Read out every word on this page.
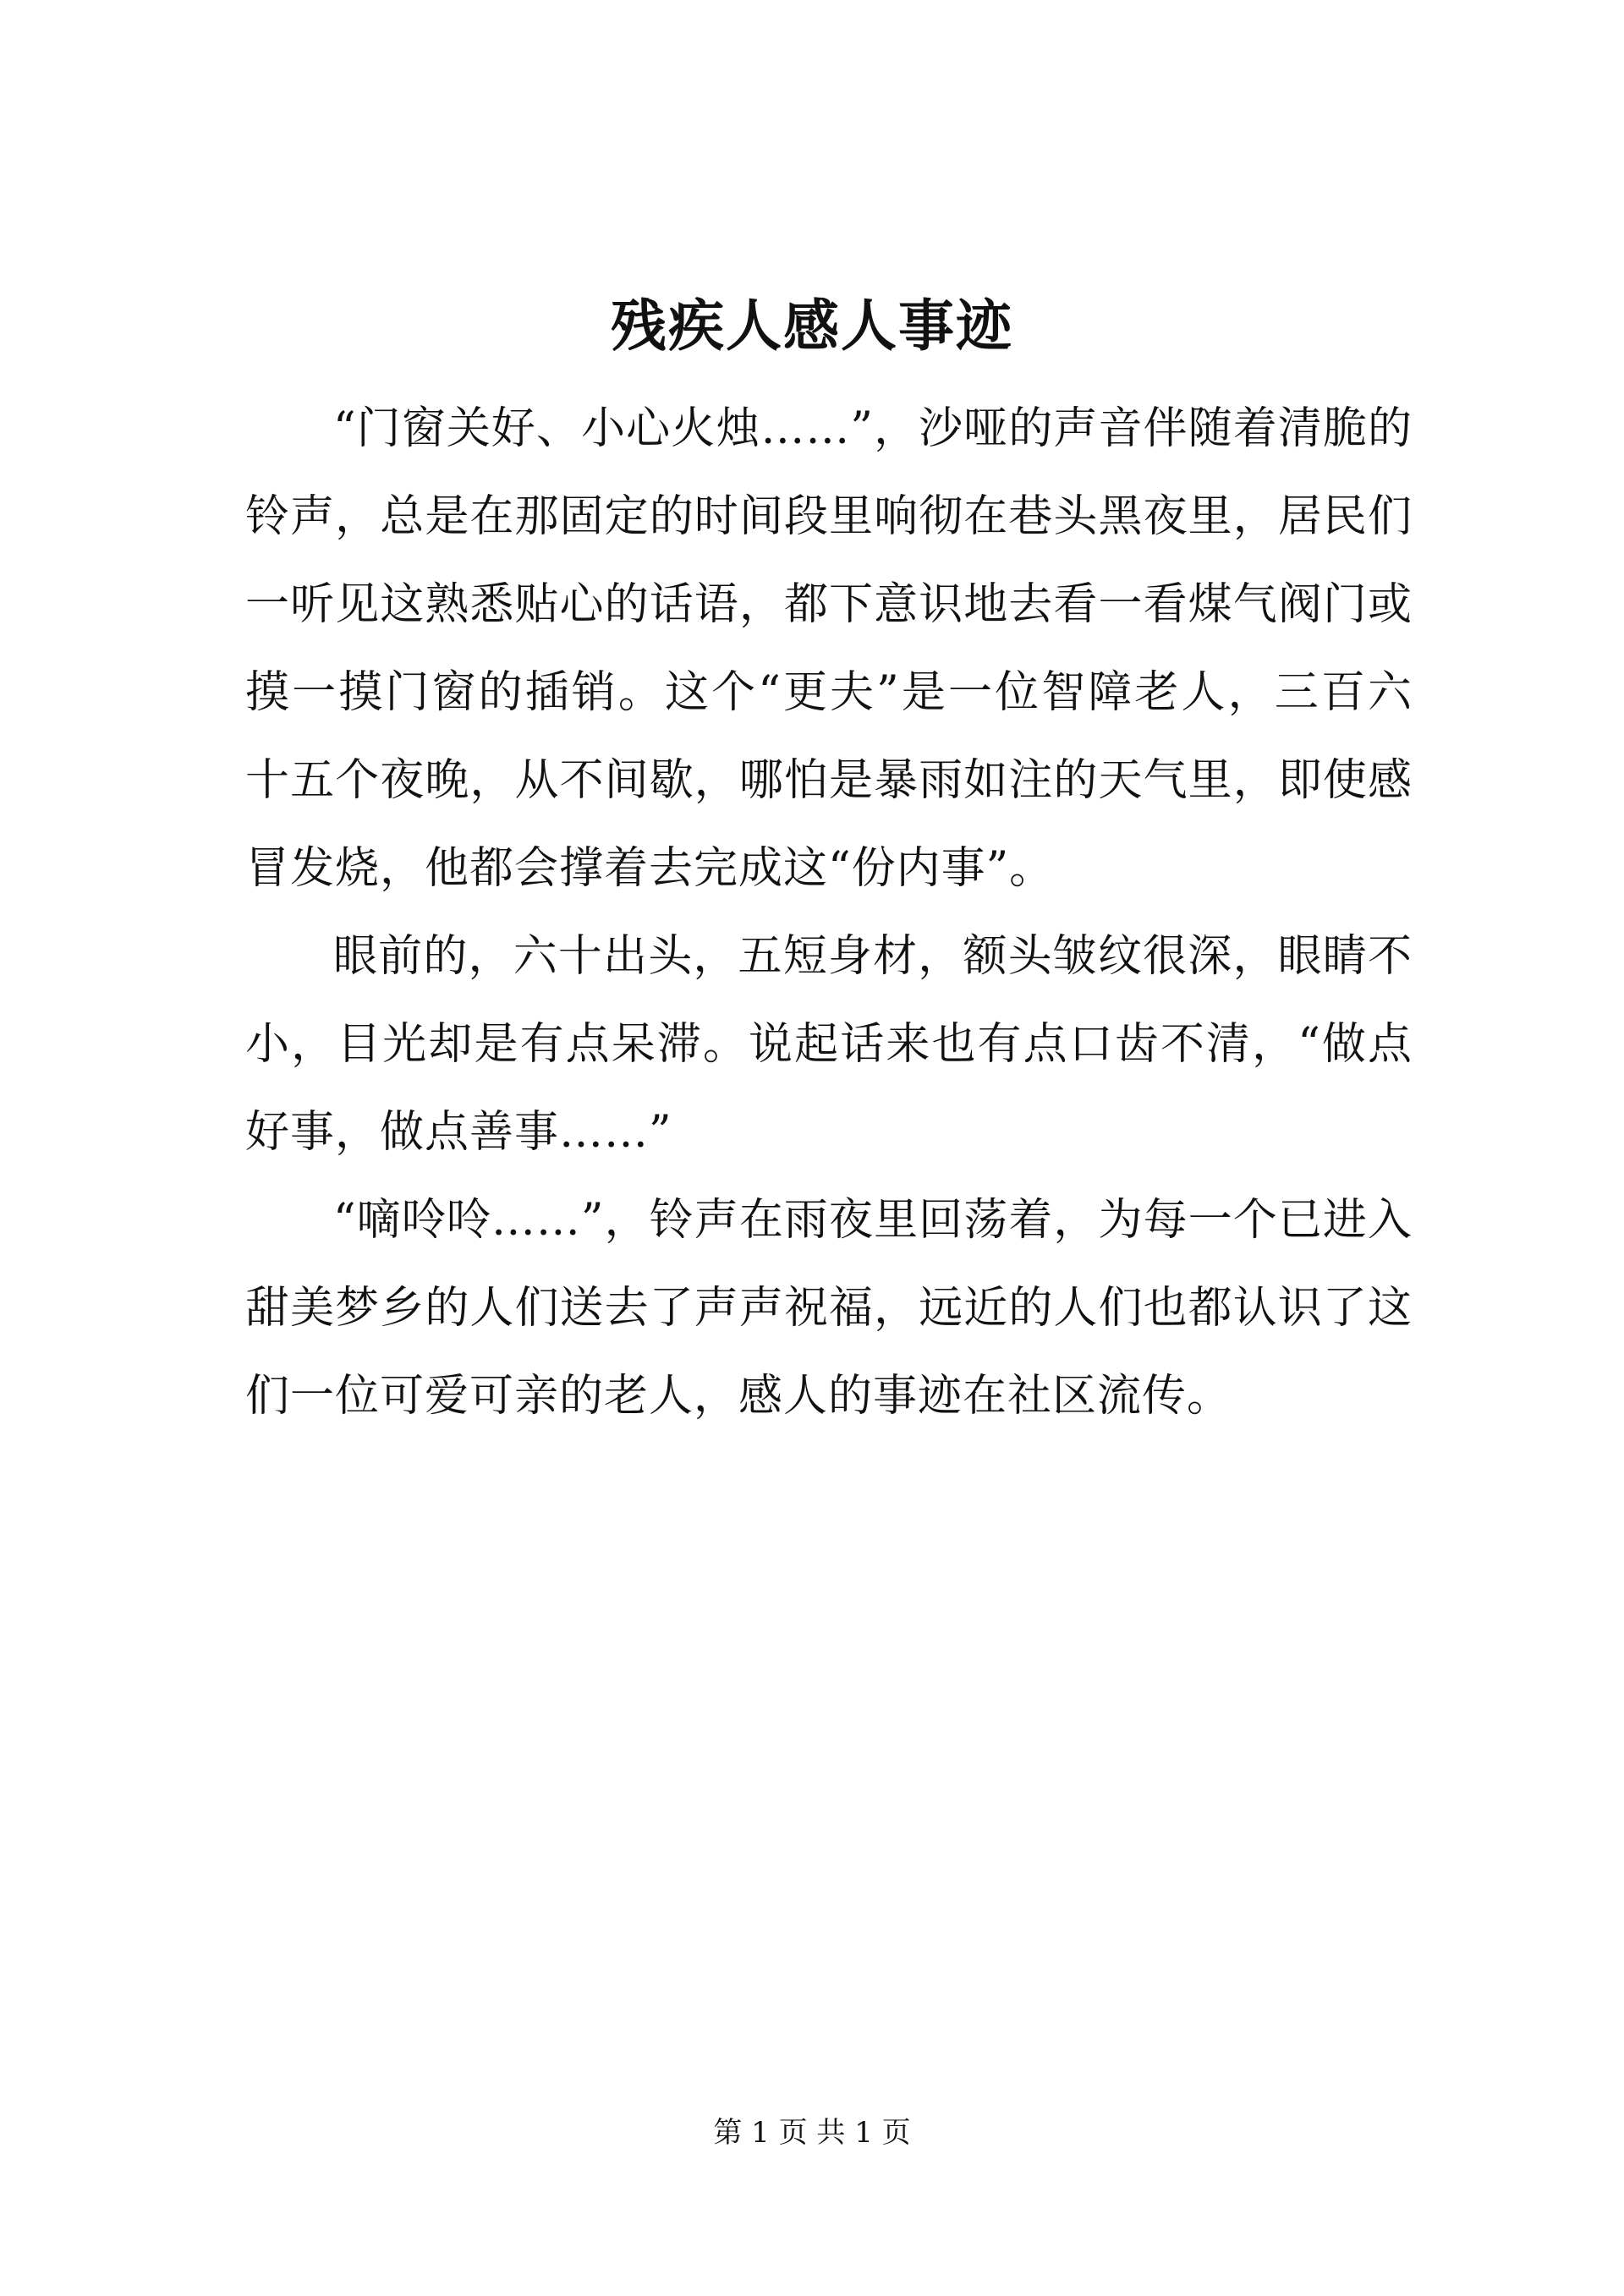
残疾人感人事迹

“门窗关好、小心火烛……”，沙哑的声音伴随着清脆的铃声，总是在那固定的时间段里响彻在巷头黑夜里，居民们一听见这熟悉贴心的话语，都下意识地去看一看煤气阀门或摸一摸门窗的插销。这个“更夫”是一位智障老人，三百六十五个夜晚，从不间歇，哪怕是暴雨如注的天气里，即使感冒发烧，他都会撑着去完成这“份内事”。

眼前的，六十出头，五短身材，额头皱纹很深，眼睛不小，目光却是有点呆滞。说起话来也有点口齿不清，“做点好事，做点善事……”

“嘀呤呤……”，铃声在雨夜里回荡着，为每一个已进入甜美梦乡的人们送去了声声祝福，远近的人们也都认识了这们一位可爱可亲的老人，感人的事迹在社区流传。

第 1 页 共 1 页
